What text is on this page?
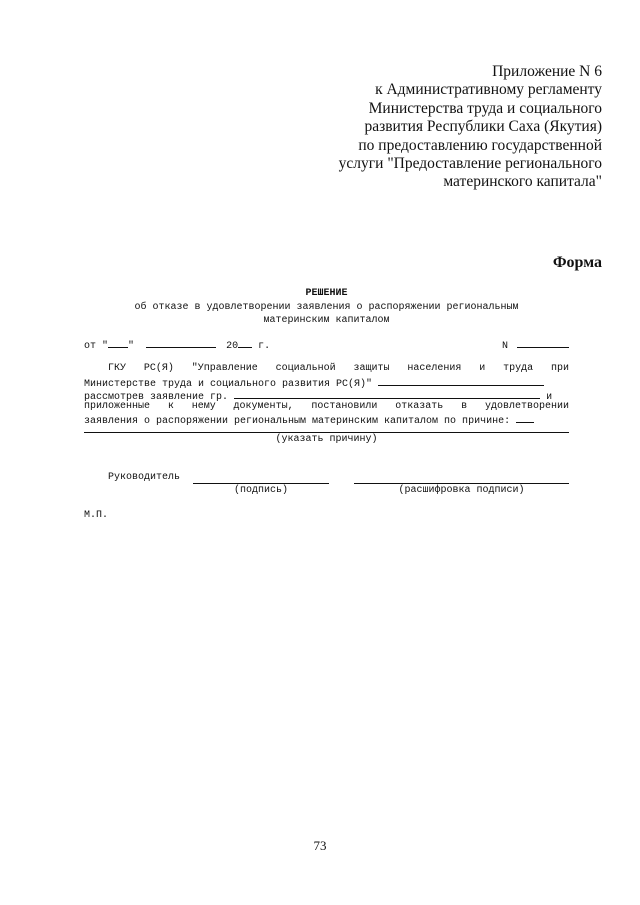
Приложение N 6
к Административному регламенту
Министерства труда и социального
развития Республики Саха (Якутия)
по предоставлению государственной
услуги "Предоставление регионального
материнского капитала"
Форма
РЕШЕНИЕ
об отказе в удовлетворении заявления о распоряжении региональным
материнским капиталом
от " "	20 г.	N
ГКУ РС(Я) "Управление социальной защиты населения и труда при
Министерстве труда и социального развития РС(Я)"
рассмотрев заявление гр.	и
приложенные к нему документы, постановили отказать в удовлетворении
заявления о распоряжении региональным материнским капиталом по причине:
(указать причину)
Руководитель
(подпись)	(расшифровка подписи)
М.П.
73
